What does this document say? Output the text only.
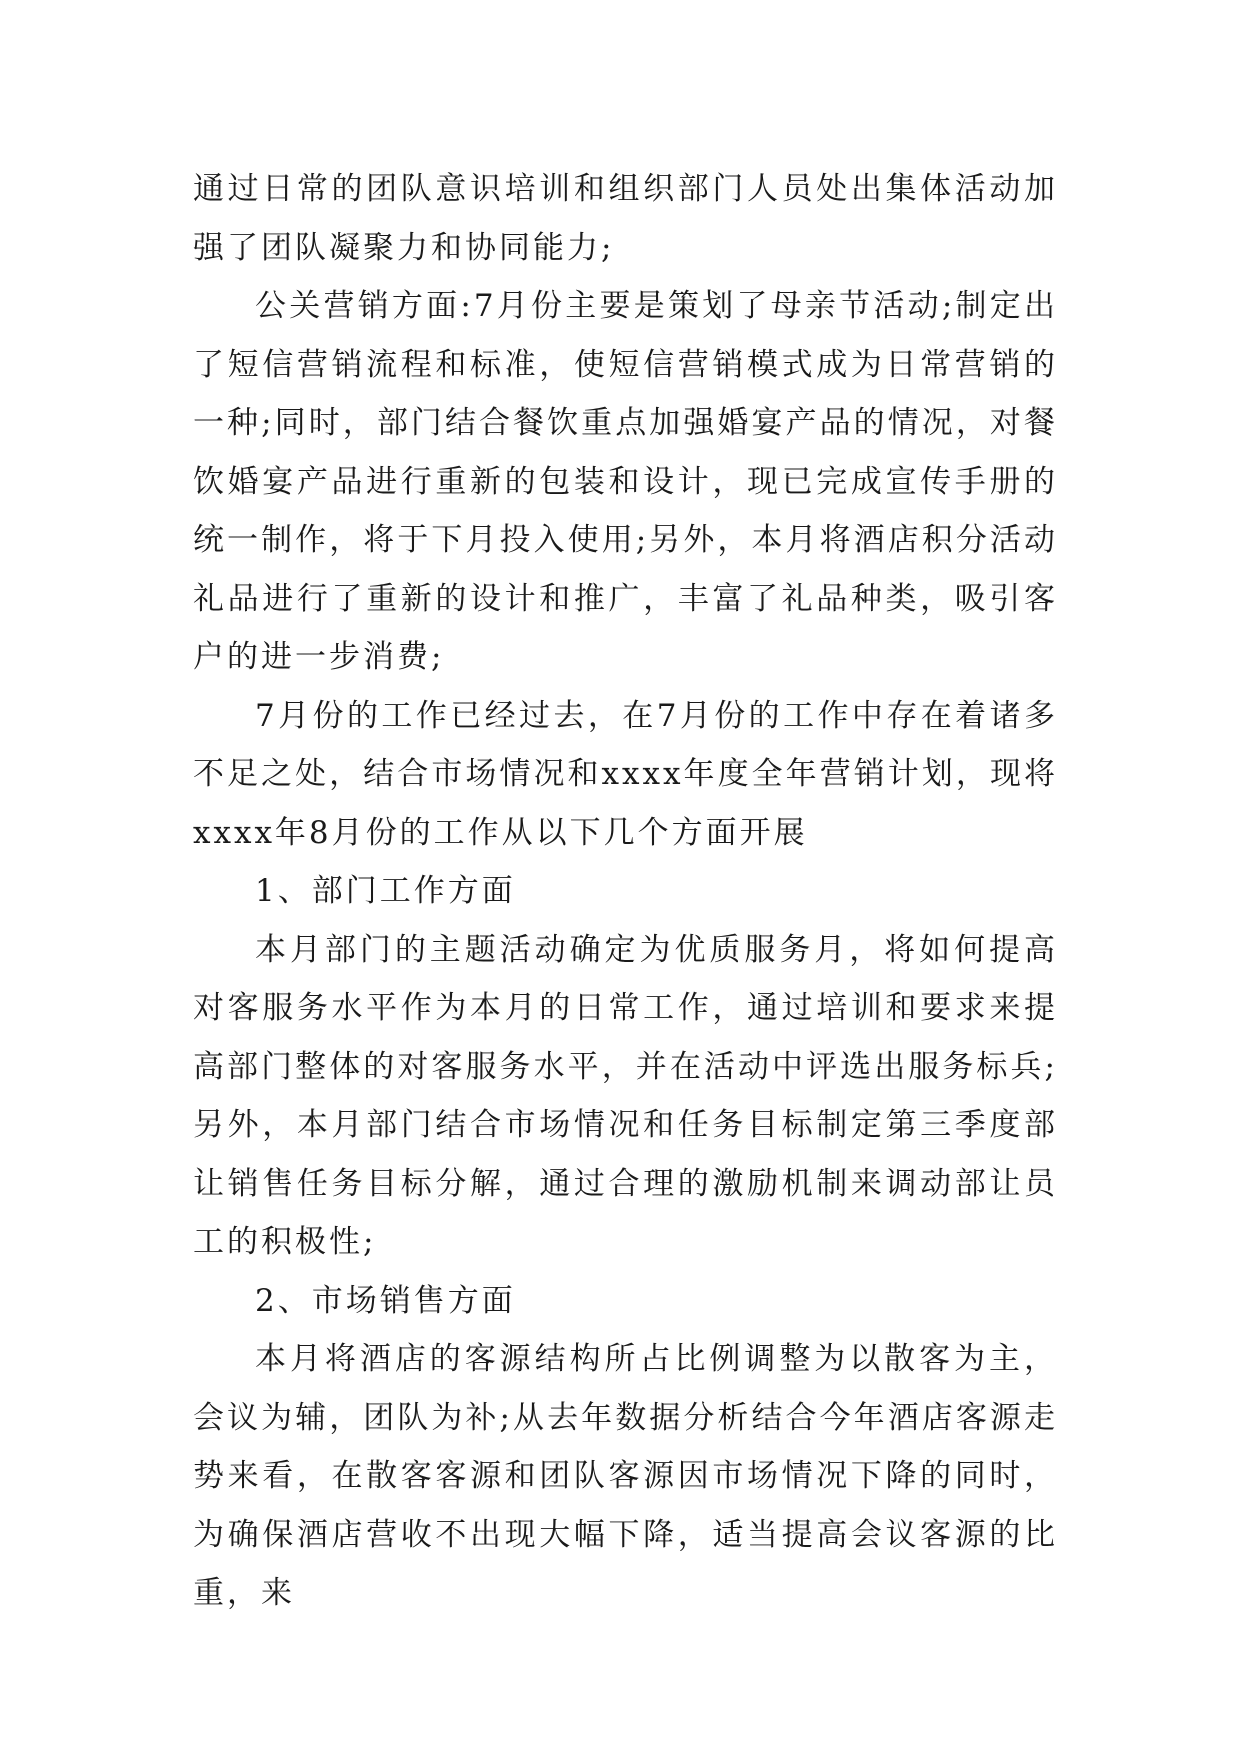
通过日常的团队意识培训和组织部门人员处出集体活动加强了团队凝聚力和协同能力;

公关营销方面:7月份主要是策划了母亲节活动;制定出了短信营销流程和标准，使短信营销模式成为日常营销的一种;同时，部门结合餐饮重点加强婚宴产品的情况，对餐饮婚宴产品进行重新的包装和设计，现已完成宣传手册的统一制作，将于下月投入使用;另外，本月将酒店积分活动礼品进行了重新的设计和推广，丰富了礼品种类，吸引客户的进一步消费;

7月份的工作已经过去，在7月份的工作中存在着诸多不足之处，结合市场情况和xxxx年度全年营销计划，现将xxxx年8月份的工作从以下几个方面开展

1、部门工作方面

本月部门的主题活动确定为优质服务月，将如何提高对客服务水平作为本月的日常工作，通过培训和要求来提高部门整体的对客服务水平，并在活动中评选出服务标兵;另外，本月部门结合市场情况和任务目标制定第三季度部让销售任务目标分解，通过合理的激励机制来调动部让员工的积极性;

2、市场销售方面

本月将酒店的客源结构所占比例调整为以散客为主，会议为辅，团队为补;从去年数据分析结合今年酒店客源走势来看，在散客客源和团队客源因市场情况下降的同时，为确保酒店营收不出现大幅下降，适当提高会议客源的比重，来
